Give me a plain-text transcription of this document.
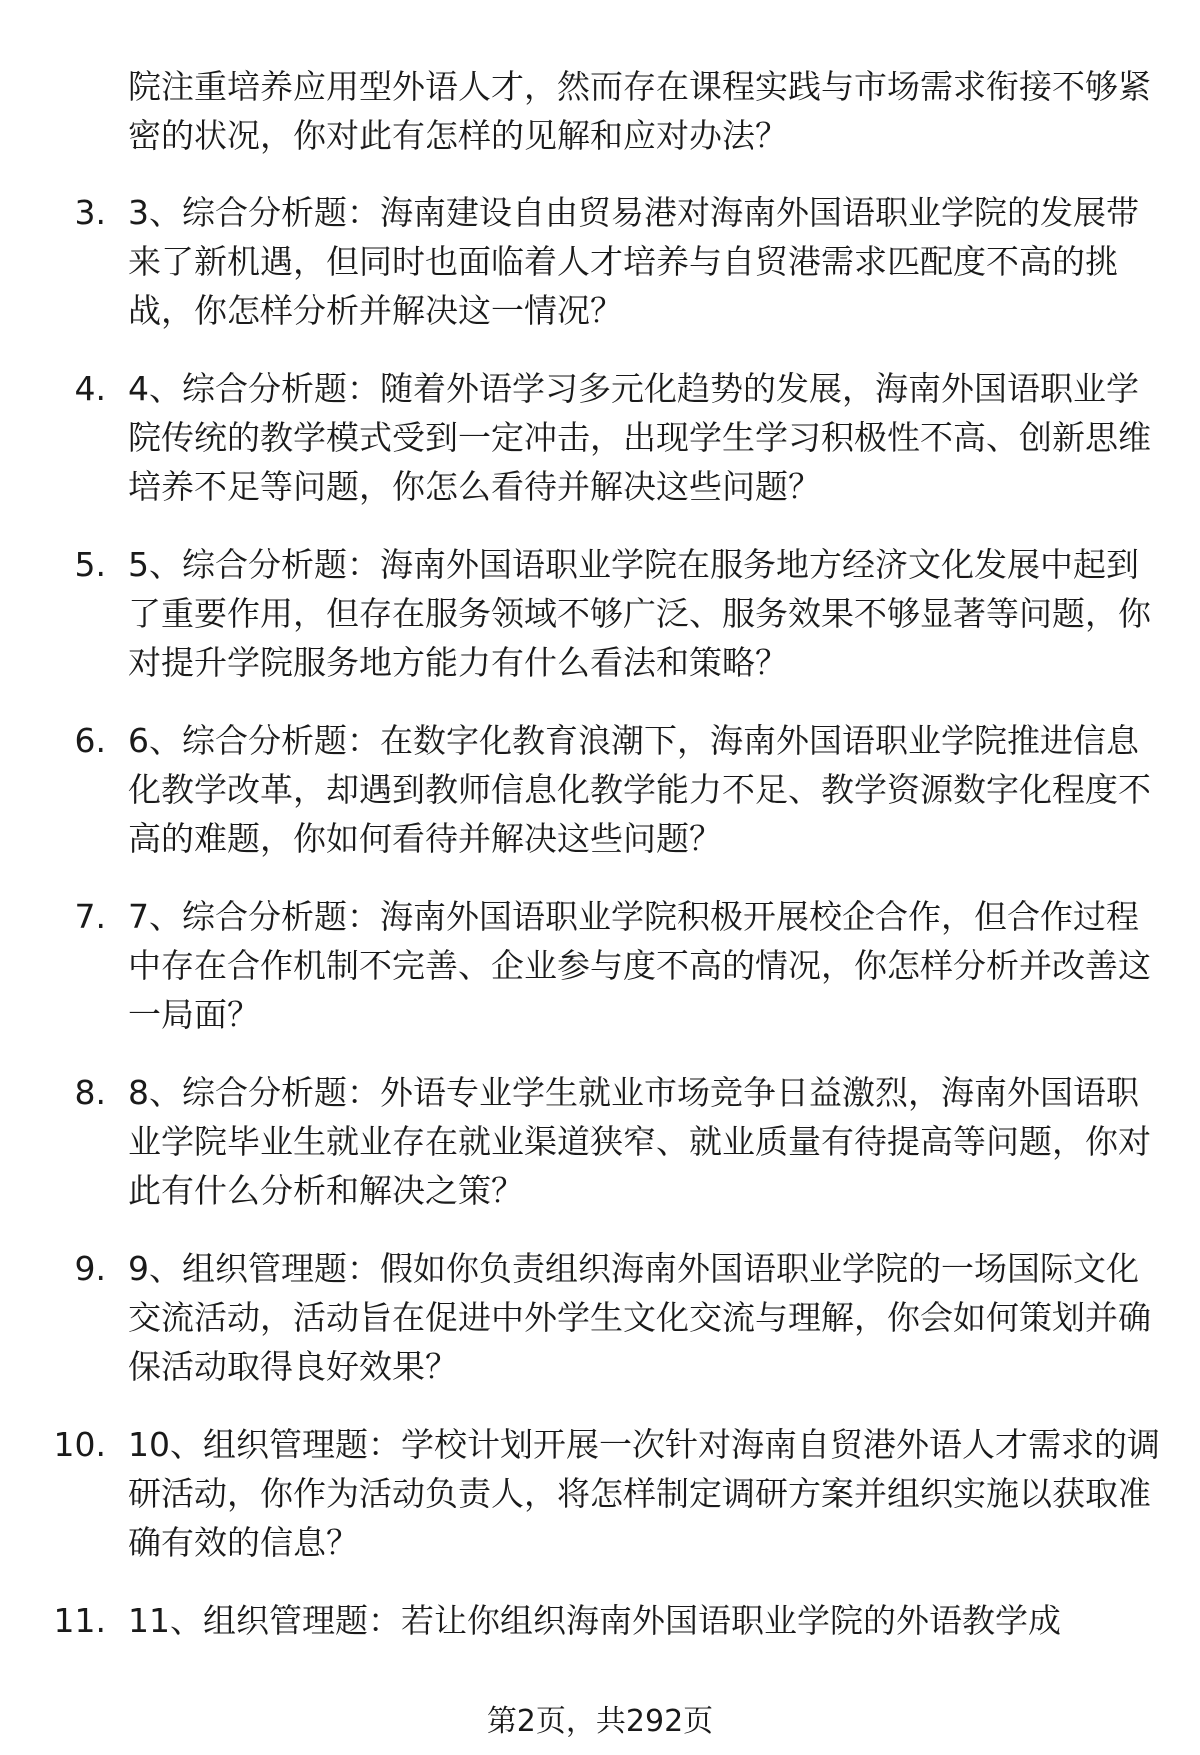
院注重培养应用型外语人才，然而存在课程实践与市场需求衔接不够紧密的状况，你对此有怎样的见解和应对办法？
3. 3、综合分析题：海南建设自由贸易港对海南外国语职业学院的发展带来了新机遇，但同时也面临着人才培养与自贸港需求匹配度不高的挑战，你怎样分析并解决这一情况？
4. 4、综合分析题：随着外语学习多元化趋势的发展，海南外国语职业学院传统的教学模式受到一定冲击，出现学生学习积极性不高、创新思维培养不足等问题，你怎么看待并解决这些问题？
5. 5、综合分析题：海南外国语职业学院在服务地方经济文化发展中起到了重要作用，但存在服务领域不够广泛、服务效果不够显著等问题，你对提升学院服务地方能力有什么看法和策略？
6. 6、综合分析题：在数字化教育浪潮下，海南外国语职业学院推进信息化教学改革，却遇到教师信息化教学能力不足、教学资源数字化程度不高的难题，你如何看待并解决这些问题？
7. 7、综合分析题：海南外国语职业学院积极开展校企合作，但合作过程中存在合作机制不完善、企业参与度不高的情况，你怎样分析并改善这一局面？
8. 8、综合分析题：外语专业学生就业市场竞争日益激烈，海南外国语职业学院毕业生就业存在就业渠道狭窄、就业质量有待提高等问题，你对此有什么分析和解决之策？
9. 9、组织管理题：假如你负责组织海南外国语职业学院的一场国际文化交流活动，活动旨在促进中外学生文化交流与理解，你会如何策划并确保活动取得良好效果？
10. 10、组织管理题：学校计划开展一次针对海南自贸港外语人才需求的调研活动，你作为活动负责人，将怎样制定调研方案并组织实施以获取准确有效的信息？
11. 11、组织管理题：若让你组织海南外国语职业学院的外语教学成
第2页，共292页
